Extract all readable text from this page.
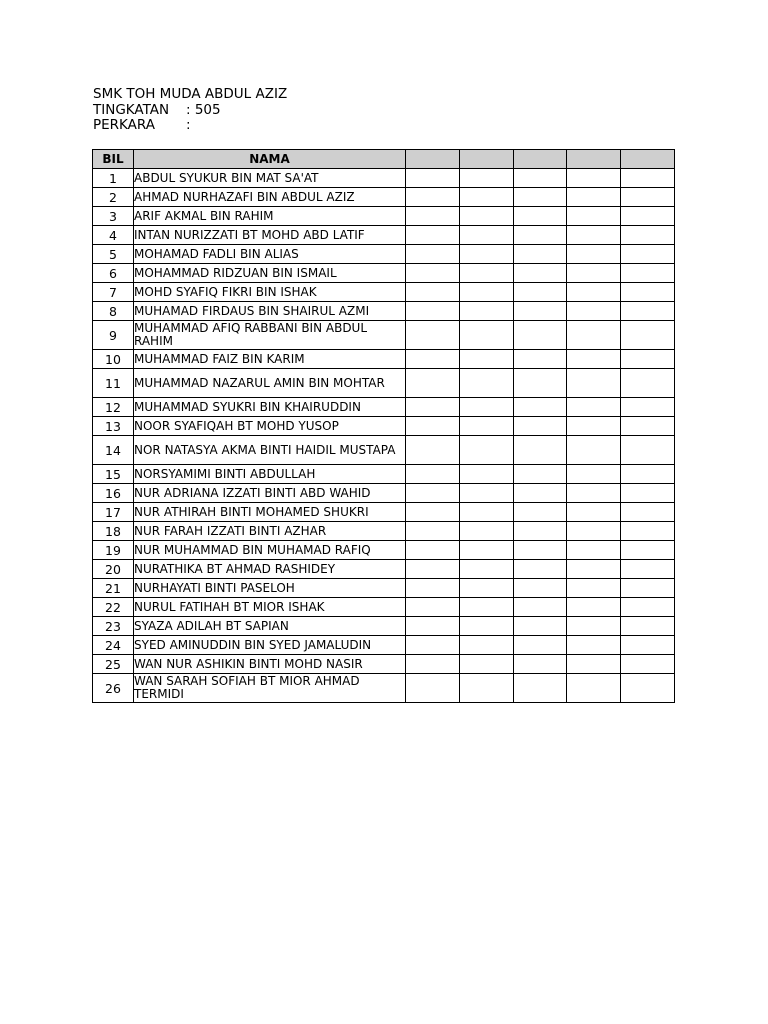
SMK TOH MUDA ABDUL AZIZ
TINGKATAN : 505
PERKARA :
BIL	NAMA					
1	ABDUL SYUKUR BIN MAT SA'AT					
2	AHMAD NURHAZAFI BIN ABDUL AZIZ					
3	ARIF AKMAL BIN RAHIM					
4	INTAN NURIZZATI BT MOHD ABD LATIF					
5	MOHAMAD FADLI BIN ALIAS					
6	MOHAMMAD RIDZUAN BIN ISMAIL					
7	MOHD SYAFIQ FIKRI BIN ISHAK					
8	MUHAMAD FIRDAUS BIN SHAIRUL AZMI					
9	MUHAMMAD AFIQ RABBANI BIN ABDUL RAHIM					
10	MUHAMMAD FAIZ BIN KARIM					
11	MUHAMMAD NAZARUL AMIN BIN MOHTAR					
12	MUHAMMAD SYUKRI BIN KHAIRUDDIN					
13	NOOR SYAFIQAH BT MOHD YUSOP					
14	NOR NATASYA AKMA BINTI HAIDIL MUSTAPA					
15	NORSYAMIMI BINTI ABDULLAH					
16	NUR ADRIANA IZZATI BINTI ABD WAHID					
17	NUR ATHIRAH BINTI MOHAMED SHUKRI					
18	NUR FARAH IZZATI BINTI AZHAR					
19	NUR MUHAMMAD BIN MUHAMAD RAFIQ					
20	NURATHIKA BT AHMAD RASHIDEY					
21	NURHAYATI BINTI PASELOH					
22	NURUL FATIHAH BT MIOR ISHAK					
23	SYAZA ADILAH BT SAPIAN					
24	SYED AMINUDDIN BIN SYED JAMALUDIN					
25	WAN NUR ASHIKIN BINTI MOHD NASIR					
26	WAN SARAH SOFIAH BT MIOR AHMAD TERMIDI					
